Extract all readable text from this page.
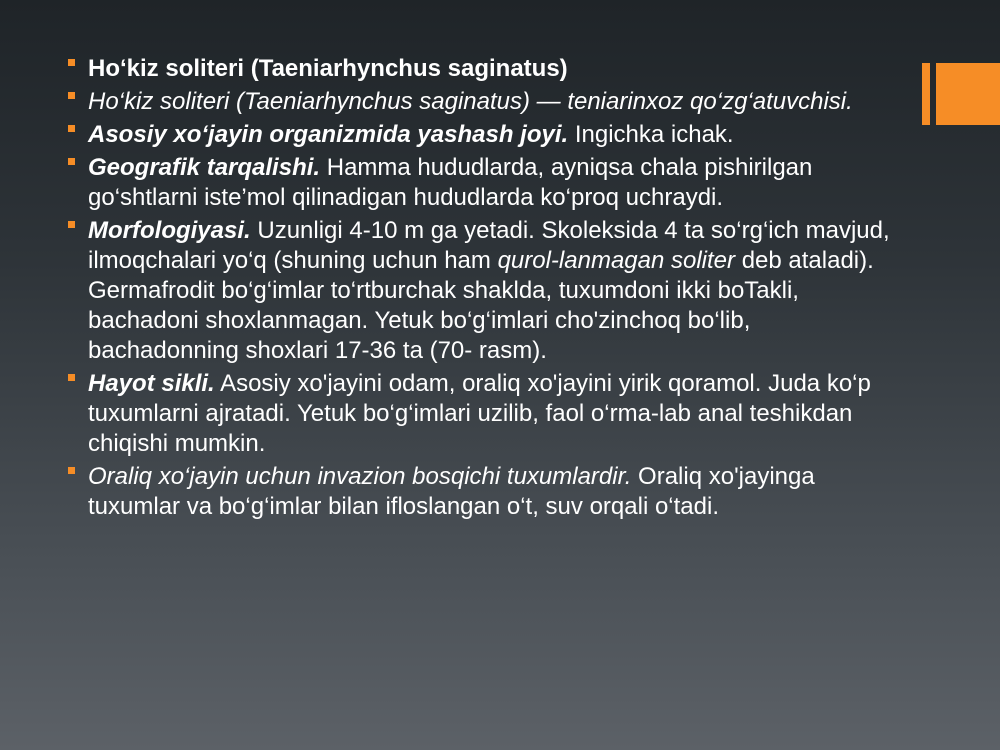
Ho‘kiz soliteri (Taeniarhynchus saginatus)
Ho‘kiz soliteri (Taeniarhynchus saginatus) — teniarinxoz qo‘zg‘atuvchisi.
Asosiy xo‘jayin organizmida yashash joyi. Ingichka ichak.
Geografik tarqalishi. Hamma hududlarda, ayniqsa chala pishirilgan go‘shtlarni iste’mol qilinadigan hududlarda ko‘proq uchraydi.
Morfologiyasi. Uzunligi 4-10 m ga yetadi. Skoleksida 4 ta so‘rg‘ich mavjud, ilmoqchalari yo‘q (shuning uchun ham qurol-lanmagan soliter deb ataladi). Germafrodit bo‘g‘imlar to‘rtburchak shaklda, tuxumdoni ikki boTakli, bachadoni shoxlanmagan. Yetuk bo‘g‘imlari cho'zinchoq bo‘lib, bachadonning shoxlari 17-36 ta (70- rasm).
Hayot sikli. Asosiy xo'jayini odam, oraliq xo'jayini yirik qoramol. Juda ko‘p tuxumlarni ajratadi. Yetuk bo‘g‘imlari uzilib, faol o‘rma-lab anal teshikdan chiqishi mumkin.
Oraliq xo‘jayin uchun invazion bosqichi tuxumlardir. Oraliq xo'jayinga tuxumlar va bo‘g‘imlar bilan ifloslangan o‘t, suv orqali o‘tadi.
